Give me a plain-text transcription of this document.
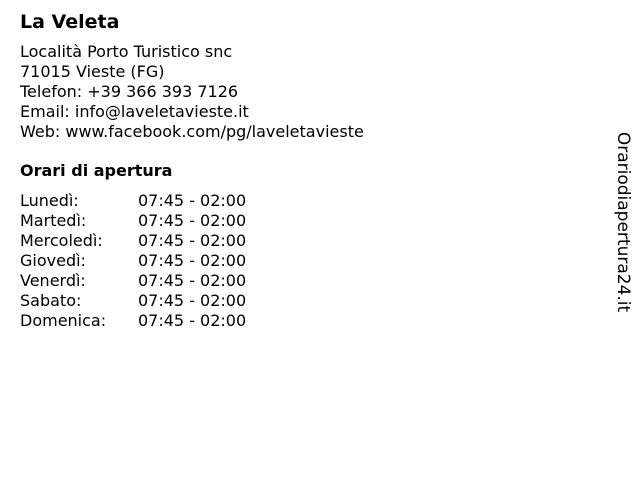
La Veleta
Località Porto Turistico snc
71015 Vieste (FG)
Telefon: +39 366 393 7126
Email: info@laveletavieste.it
Web: www.facebook.com/pg/laveletavieste
Orari di apertura
Lunedì:	07:45 - 02:00
Martedì:	07:45 - 02:00
Mercoledì:	07:45 - 02:00
Giovedì:	07:45 - 02:00
Venerdì:	07:45 - 02:00
Sabato:	07:45 - 02:00
Domenica:	07:45 - 02:00
Orariodiapertura24.it
